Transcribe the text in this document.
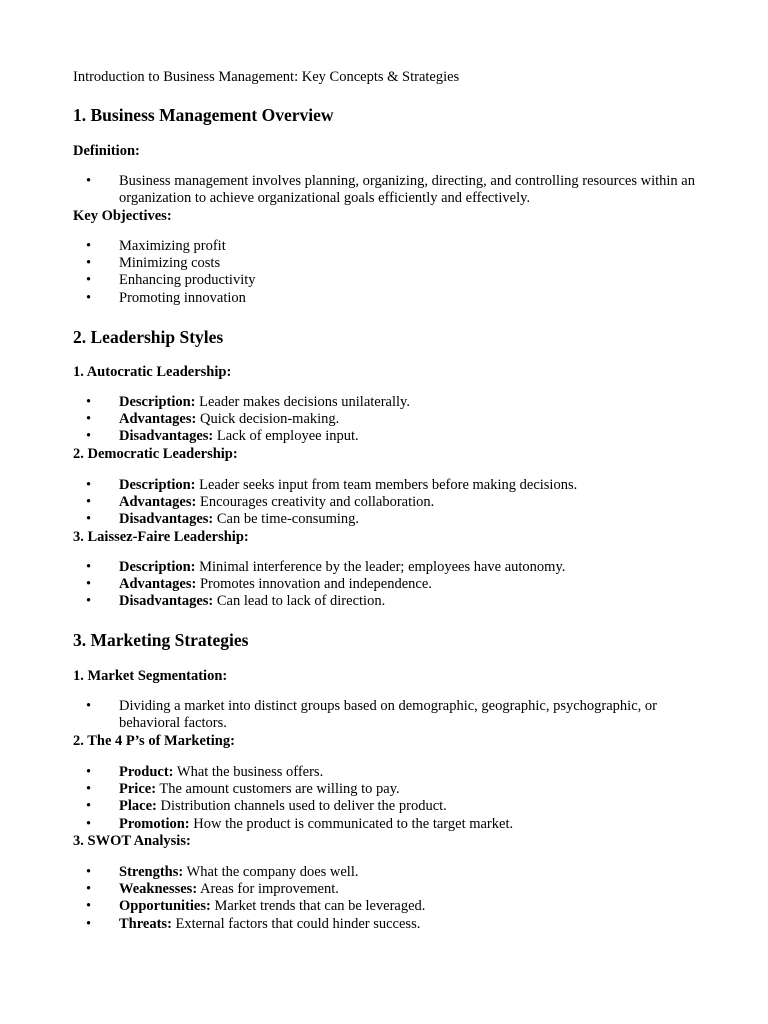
Introduction to Business Management: Key Concepts & Strategies
1. Business Management Overview
Definition:
• Business management involves planning, organizing, directing, and controlling resources within an organization to achieve organizational goals efficiently and effectively.
Key Objectives:
• Maximizing profit
• Minimizing costs
• Enhancing productivity
• Promoting innovation
2. Leadership Styles
1. Autocratic Leadership:
• Description: Leader makes decisions unilaterally.
• Advantages: Quick decision-making.
• Disadvantages: Lack of employee input.
2. Democratic Leadership:
• Description: Leader seeks input from team members before making decisions.
• Advantages: Encourages creativity and collaboration.
• Disadvantages: Can be time-consuming.
3. Laissez-Faire Leadership:
• Description: Minimal interference by the leader; employees have autonomy.
• Advantages: Promotes innovation and independence.
• Disadvantages: Can lead to lack of direction.
3. Marketing Strategies
1. Market Segmentation:
• Dividing a market into distinct groups based on demographic, geographic, psychographic, or behavioral factors.
2. The 4 P’s of Marketing:
• Product: What the business offers.
• Price: The amount customers are willing to pay.
• Place: Distribution channels used to deliver the product.
• Promotion: How the product is communicated to the target market.
3. SWOT Analysis:
• Strengths: What the company does well.
• Weaknesses: Areas for improvement.
• Opportunities: Market trends that can be leveraged.
• Threats: External factors that could hinder success.
